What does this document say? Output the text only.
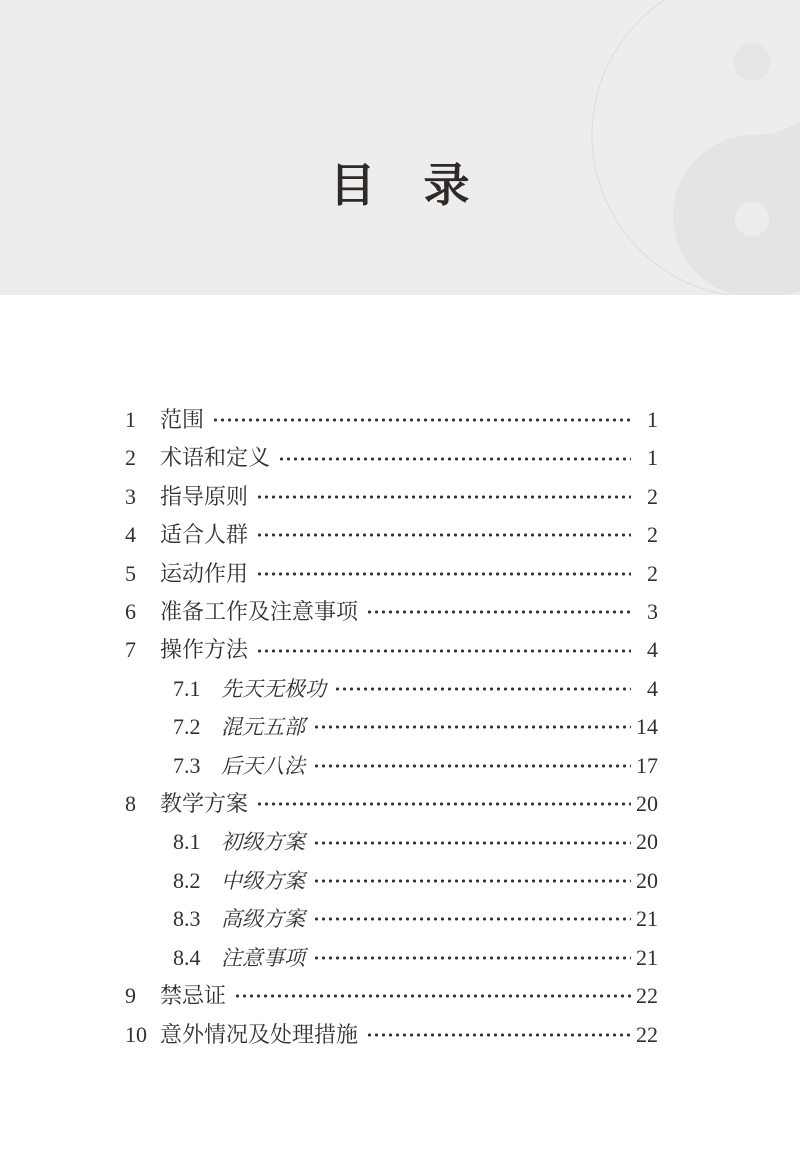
目　录
1	范围	1
2	术语和定义	1
3	指导原则	2
4	适合人群	2
5	运动作用	2
6	准备工作及注意事项	3
7	操作方法	4
7.1 先天无极功	4
7.2 混元五部	14
7.3 后天八法	17
8	教学方案	20
8.1 初级方案	20
8.2 中级方案	20
8.3 高级方案	21
8.4 注意事项	21
9	禁忌证	22
10 意外情况及处理措施	22
